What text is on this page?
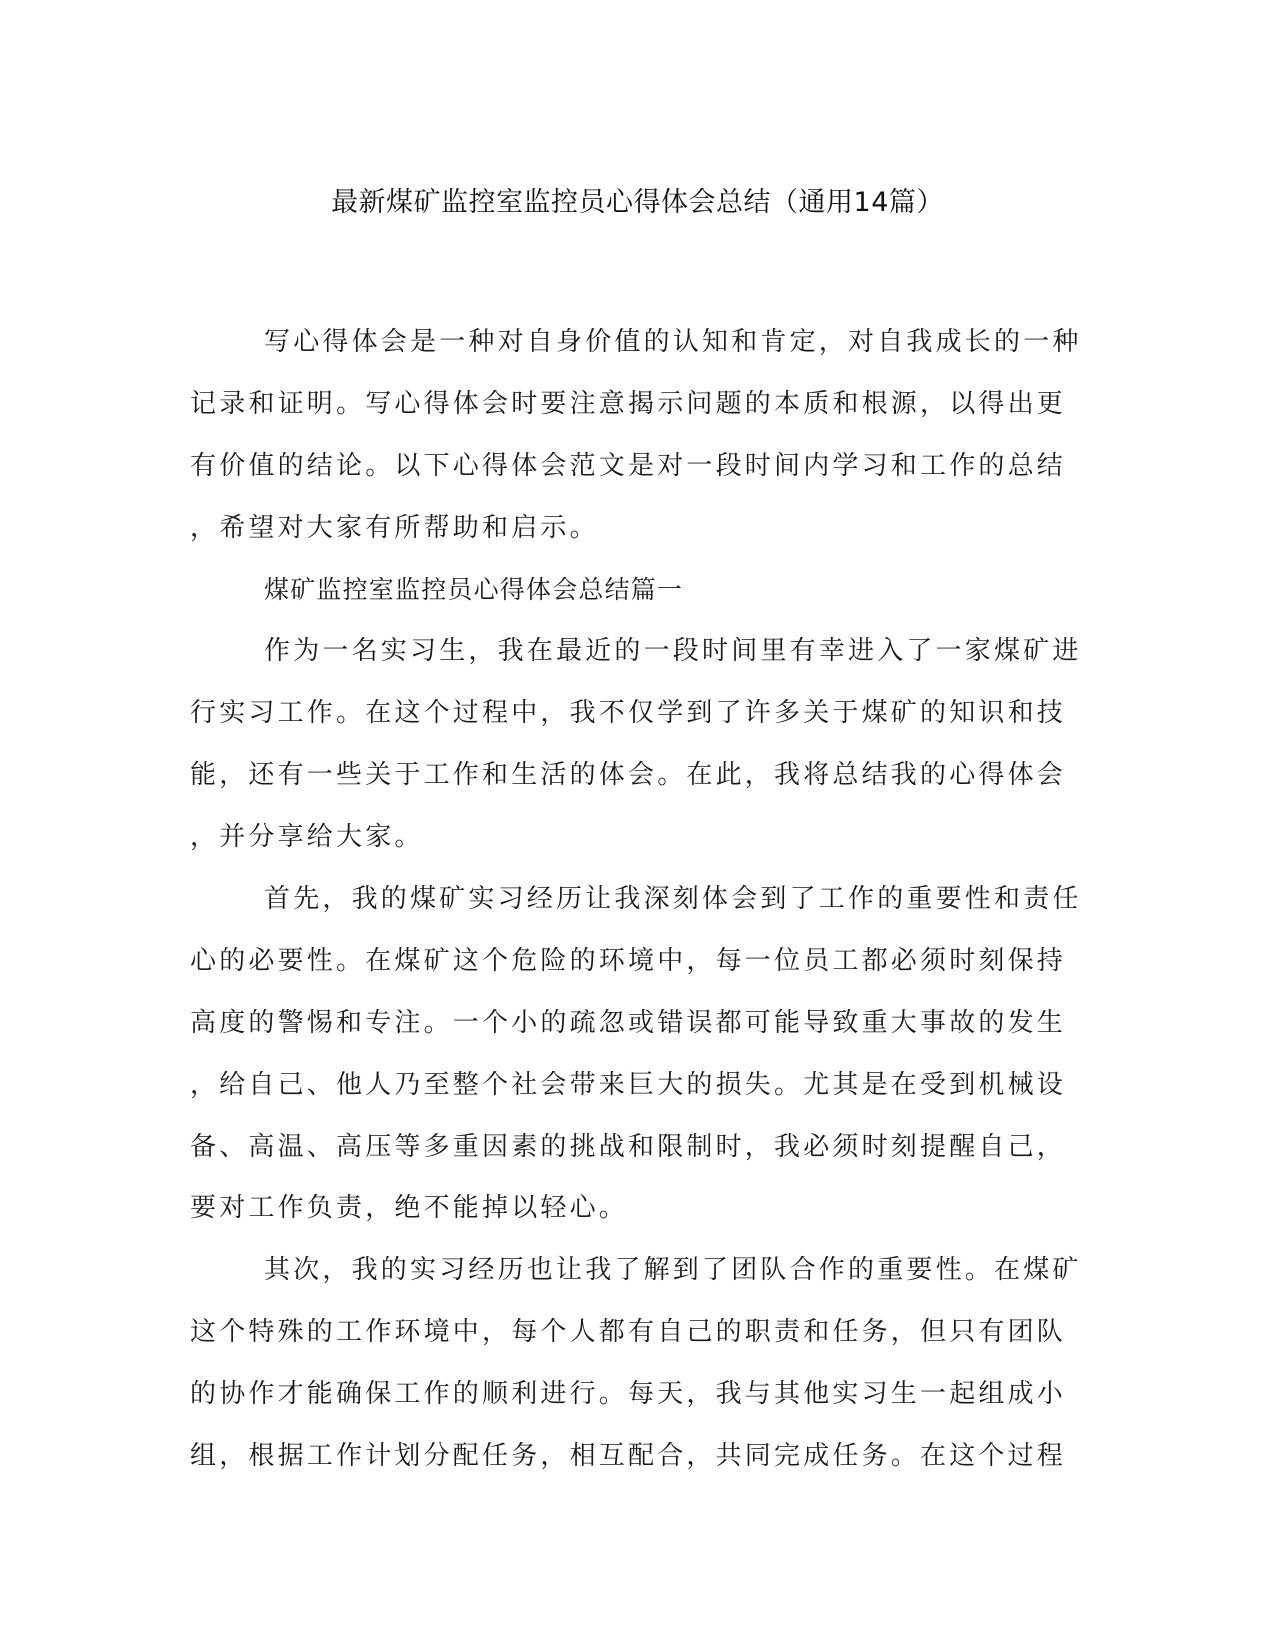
最新煤矿监控室监控员心得体会总结（通用14篇）
写心得体会是一种对自身价值的认知和肯定，对自我成长的一种
记录和证明。写心得体会时要注意揭示问题的本质和根源，以得出更
有价值的结论。以下心得体会范文是对一段时间内学习和工作的总结
，希望对大家有所帮助和启示。
煤矿监控室监控员心得体会总结篇一
作为一名实习生，我在最近的一段时间里有幸进入了一家煤矿进
行实习工作。在这个过程中，我不仅学到了许多关于煤矿的知识和技
能，还有一些关于工作和生活的体会。在此，我将总结我的心得体会
，并分享给大家。
首先，我的煤矿实习经历让我深刻体会到了工作的重要性和责任
心的必要性。在煤矿这个危险的环境中，每一位员工都必须时刻保持
高度的警惕和专注。一个小的疏忽或错误都可能导致重大事故的发生
，给自己、他人乃至整个社会带来巨大的损失。尤其是在受到机械设
备、高温、高压等多重因素的挑战和限制时，我必须时刻提醒自己，
要对工作负责，绝不能掉以轻心。
其次，我的实习经历也让我了解到了团队合作的重要性。在煤矿
这个特殊的工作环境中，每个人都有自己的职责和任务，但只有团队
的协作才能确保工作的顺利进行。每天，我与其他实习生一起组成小
组，根据工作计划分配任务，相互配合，共同完成任务。在这个过程
